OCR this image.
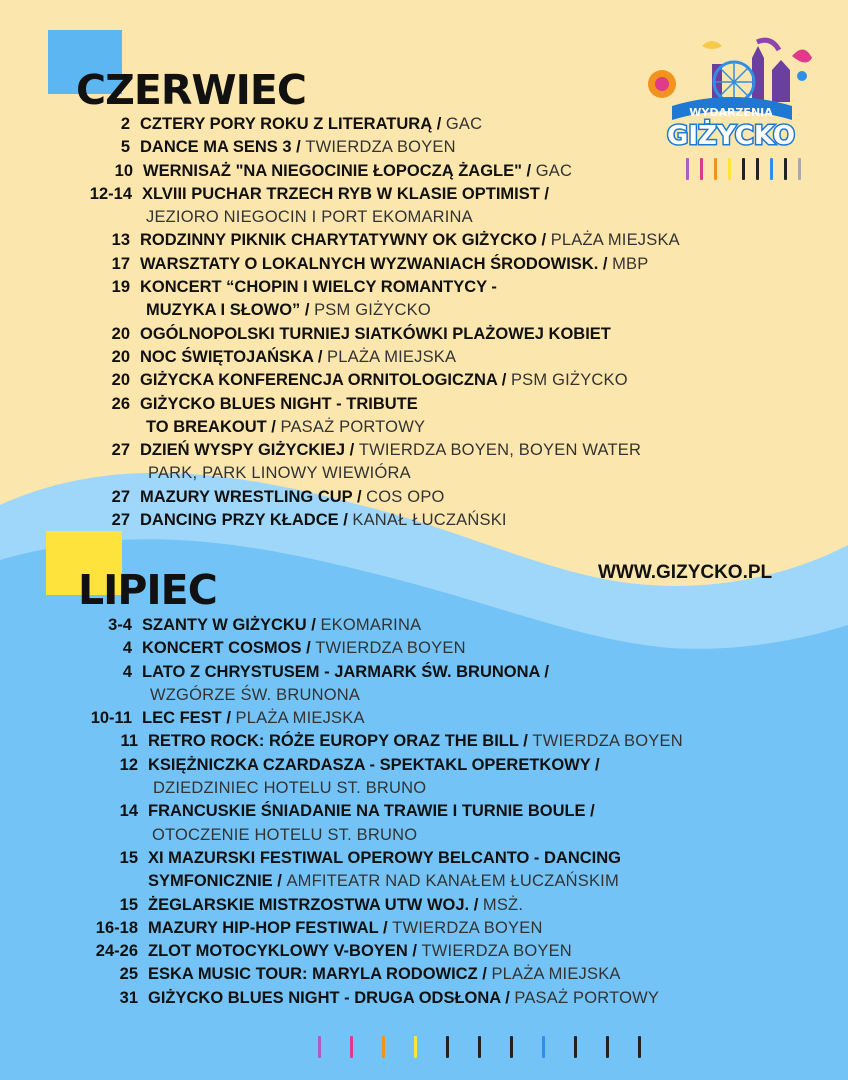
CZERWIEC
LIPIEC
2 CZTERY PORY ROKU Z LITERATURĄ / GAC
5 DANCE MA SENS 3 / TWIERDZA BOYEN
10 WERNISAŻ "NA NIEGOCINIE ŁOPOCZĄ ŻAGLE" / GAC
12-14 XLVIII PUCHAR TRZECH RYB W KLASIE OPTIMIST /
JEZIORO NIEGOCIN I PORT EKOMARINA
13 RODZINNY PIKNIK CHARYTATYWNY OK GIŻYCKO / PLAŻA MIEJSKA
17 WARSZTATY O LOKALNYCH WYZWANIACH ŚRODOWISK. / MBP
19 KONCERT “CHOPIN I WIELCY ROMANTYCY -
MUZYKA I SŁOWO” / PSM GIŻYCKO
20 OGÓLNOPOLSKI TURNIEJ SIATKÓWKI PLAŻOWEJ KOBIET
20 NOC ŚWIĘTOJAŃSKA / PLAŻA MIEJSKA
20 GIŻYCKA KONFERENCJA ORNITOLOGICZNA / PSM GIŻYCKO
26 GIŻYCKO BLUES NIGHT - TRIBUTE
TO BREAKOUT / PASAŻ PORTOWY
27 DZIEŃ WYSPY GIŻYCKIEJ / TWIERDZA BOYEN, BOYEN WATER
PARK, PARK LINOWY WIEWIÓRA
27 MAZURY WRESTLING CUP / COS OPO
27 DANCING PRZY KŁADCE / KANAŁ ŁUCZAŃSKI
3-4 SZANTY W GIŻYCKU / EKOMARINA
4 KONCERT COSMOS / TWIERDZA BOYEN
4 LATO Z CHRYSTUSEM - JARMARK ŚW. BRUNONA /
WZGÓRZE ŚW. BRUNONA
10-11 LEC FEST / PLAŻA MIEJSKA
11 RETRO ROCK: RÓŻE EUROPY ORAZ THE BILL / TWIERDZA BOYEN
12 KSIĘŻNICZKA CZARDASZA - SPEKTAKL OPERETKOWY /
DZIEDZINIEC HOTELU ST. BRUNO
14 FRANCUSKIE ŚNIADANIE NA TRAWIE I TURNIE BOULE /
OTOCZENIE HOTELU ST. BRUNO
15 XI MAZURSKI FESTIWAL OPEROWY BELCANTO - DANCING
SYMFONICZNIE / AMFITEATR NAD KANAŁEM ŁUCZAŃSKIM
15 ŻEGLARSKIE MISTRZOSTWA UTW WOJ. / MSŻ.
16-18 MAZURY HIP-HOP FESTIWAL / TWIERDZA BOYEN
24-26 ZLOT MOTOCYKLOWY V-BOYEN / TWIERDZA BOYEN
25 ESKA MUSIC TOUR: MARYLA RODOWICZ / PLAŻA MIEJSKA
31 GIŻYCKO BLUES NIGHT - DRUGA ODSŁONA / PASAŻ PORTOWY
WWW.GIZYCKO.PL
WYDARZENIA
GIŻYCKO
